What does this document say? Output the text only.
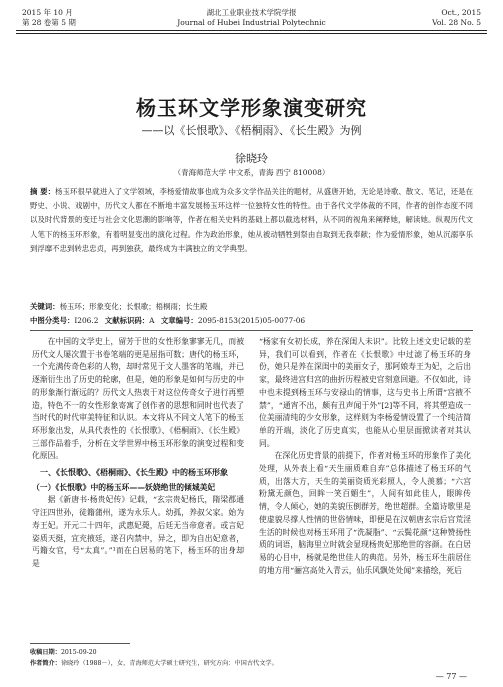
2015 年 10 月
第 28 卷第 5 期
湖北工业职业技术学院学报
Journal of Hubei Industrial Polytechnic
Oct., 2015
Vol. 28 No. 5
杨玉环文学形象演变研究
——以《长恨歌》、《梧桐雨》、《长生殿》为例
徐晓玲
（青海师范大学 中文系，青海 西宁 810008）
摘 要：杨玉环很早就进入了文学领域，李杨爱情故事也成为众多文学作品关注的题材，从盛唐开始，无论是诗歌、散文、笔记，还是在野史、小说、戏剧中，历代文人都在不断地丰富发展杨玉环这样一位独特女性的特性。由于各代文学体裁的不同，作者的创作态度不同以及时代背景的变迁与社会文化思潮的影响等，作者在相关史料的基础上都以截选材料，从不同的视角来阐释她，解读她。纵观历代文人笔下的杨玉环形象，有着明显变出的演化过程。作为政治形象，她从被动牺牲到祭由自取到无我奉献；作为爱情形象，她从沉溺享乐到浮靡不忠到转忠忠贞，再到独获，最终成为丰满独立的文学典型。
关键词：杨玉环；形象变化；长恨歌；梧桐雨；长生殿
中图分类号：I206.2 文献标识码：A 文章编号：2095-8153(2015)05-0077-06

在中国的文学史上，留芳于世的女性形象寥寥无几，而被历代文人屡次置于书卷笔端的更是屈指可数；唐代的杨玉环，一个充满传奇色彩的人物，却时常见于文人墨客的笔端，并已逐渐衍生出了历史的轮廓，但是，她的形象是如何与历史的中的形象渐行渐远的？历代文人热衷于对这位传奇女子进行再塑造，特色不一的女性形象寄寓了创作者的思想和同时也代表了当时代的时代审美特征和认识。本文将从不同文人笔下的杨玉环形象出发，从具代表性的《长恨歌》、《梧桐雨》、《长生殿》三部作品着手，分析在文学世界中杨玉环形象的演变过程和变化原因。

一、《长恨歌》、《梧桐雨》、《长生殿》中的杨玉环形象
（一）《长恨歌》中的杨玉环——妖娆绝世的倾城美妃

据《新唐书·杨贵妃传》记载，“玄宗贵妃杨氏，隋梁郡通守汪四世孙，徒籍蒲州，遂为永乐人。幼孤，养叔父家。始为寿王妃。开元二十四年，武惠妃薨，后廷无当帝意者。或言妃姿质天挺，宜充掖廷，遂召内禁中，异之，即为自出妃意者，丐籍女官，号“太真”。”¹而在白居易的笔下，杨玉环的出身却是

“杨家有女初长成，养在深闺人未识”。比较上述文史记载的差异，我们可以看到，作者在《长恨歌》中过滤了杨玉环的身份，她只是养在深闺中的美丽女子，那阿娘寿王为妃，之后出家，最终进宫归宫的曲折历程被史官刻意回避。不仅如此，诗中也未提到杨玉环与安禄山的情事，这与史书上所谓“宫掖不禁”，“通宵不出，颇有丑声闻于外”[2]等不同，将其塑造成一位美丽清纯的少女形象，这样则为李杨爱情设置了一个纯洁简单的开端，淡化了历史真实，也能从心里层面掀读者对其认同。

在深化历史背景的前提下，作者对杨玉环的形象作了美化处理，从外表上看“天生丽质难自弃”总体描述了杨玉环的气质，出落大方，天生的美丽资质光彩照人，令人羡慕；“六宫粉黛无颜色，回眸一笑百媚生”，人间有如此佳人，眼眸传情，令人倾心，她的美貌压倒群芳，绝世超群。全篇诗歌里是使虚貌尽撑人性情的世俗情味，即便是在汉朝唐玄宗后宫荒淫生活的时候也对杨玉环用了“洗凝脂”、“云鬓花颜”这种赞扬性质的词语，脑海里立时就会显现杨贵妃那绝世的容颜。在白居易的心目中，杨就是绝世佳人的典范。另外，杨玉环生前居住的地方用“骊宫高处入青云，仙乐风飘处处闻”来描绘，死后

收稿日期：2015-09-20
作者简介：徐晓玲（1988－），女，青海师范大学硕士研究生，研究方向：中国古代文学。
— 77 —
